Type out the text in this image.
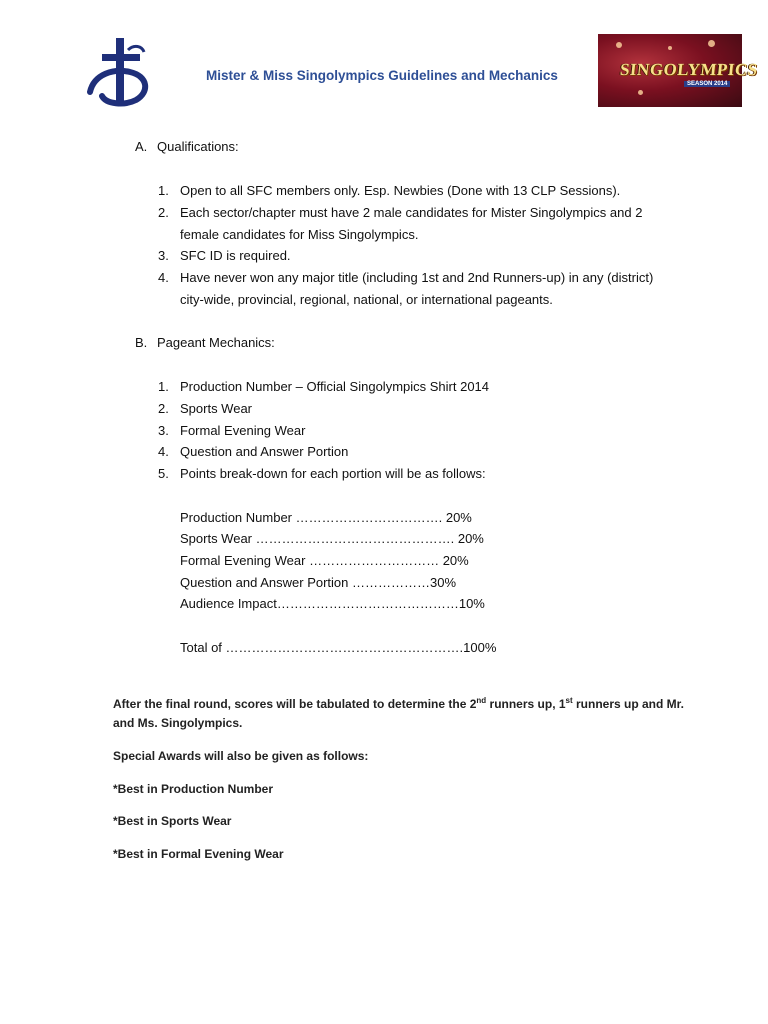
Mister & Miss Singolympics Guidelines and Mechanics	SINGOLYMPICS
SEASON 2014
A. Qualifications:
1. Open to all SFC members only. Esp. Newbies (Done with 13 CLP Sessions).
2. Each sector/chapter must have 2 male candidates for Mister Singolympics and 2
female candidates for Miss Singolympics.
3. SFC ID is required.
4. Have never won any major title (including 1st and 2nd Runners-up) in any (district)
city-wide, provincial, regional, national, or international pageants.
B. Pageant Mechanics:
1. Production Number – Official Singolympics Shirt 2014
2. Sports Wear
3. Formal Evening Wear
4. Question and Answer Portion
5. Points break-down for each portion will be as follows:
Production Number ……………………………. 20%
Sports Wear ………………………………………. 20%
Formal Evening Wear ………………………… 20%
Question and Answer Portion ………………30%
Audience Impact……………………………………10%
Total of ……………………………………………….100%
After the final round, scores will be tabulated to determine the 2nd runners up, 1st runners up and Mr.
and Ms. Singolympics.
Special Awards will also be given as follows:
*Best in Production Number
*Best in Sports Wear
*Best in Formal Evening Wear
